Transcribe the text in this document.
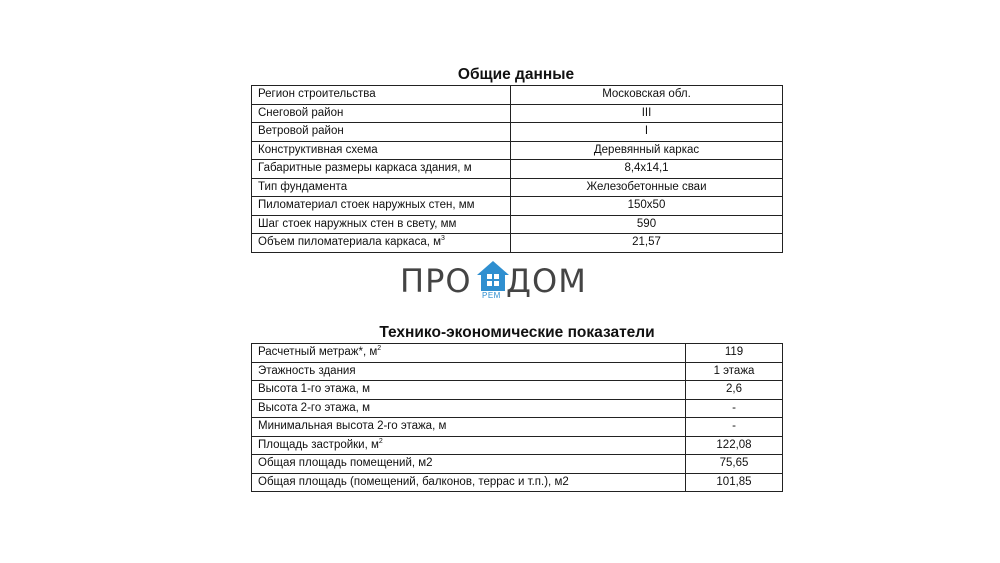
Общие данные
Регион строительства	Московская обл.
Снеговой район	III
Ветровой район	I
Конструктивная схема	Деревянный каркас
Габаритные размеры каркаса здания, м	8,4х14,1
Тип фундамента	Железобетонные сваи
Пиломатериал стоек наружных стен, мм	150х50
Шаг стоек наружных стен в свету, мм	590
Объем пиломатериала каркаса, $м^3$	21,57
ПРО РЕМ ДОМ
Технико-экономические показатели
Расчетный метраж*, $м^2$	119
Этажность здания	1 этажа
Высота 1-го этажа, м	2,6
Высота 2-го этажа, м	-
Минимальная высота 2-го этажа, м	-
Площадь застройки, $м^2$	122,08
Общая площадь помещений, м2	75,65
Общая площадь (помещений, балконов, террас и т.п.), м2	101,85
